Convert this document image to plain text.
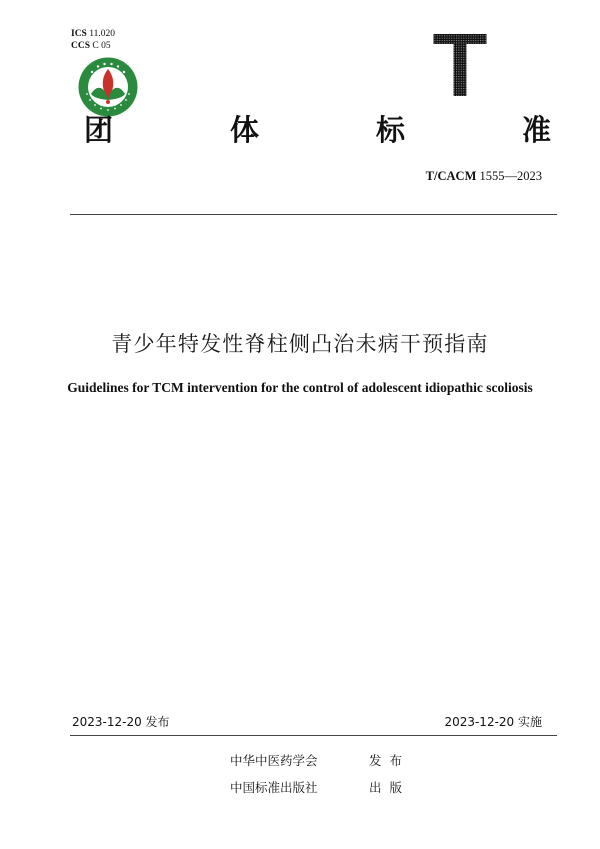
ICS 11.020
CCS C 05	T
团	体	标	准
T/CACM 1555—2023
青少年特发性脊柱侧凸治未病干预指南
Guidelines for TCM intervention for the control of adolescent idiopathic scoliosis
2023-12-20 发布	2023-12-20 实施
中华中医药学会	发  布
中国标准出版社	出  版
